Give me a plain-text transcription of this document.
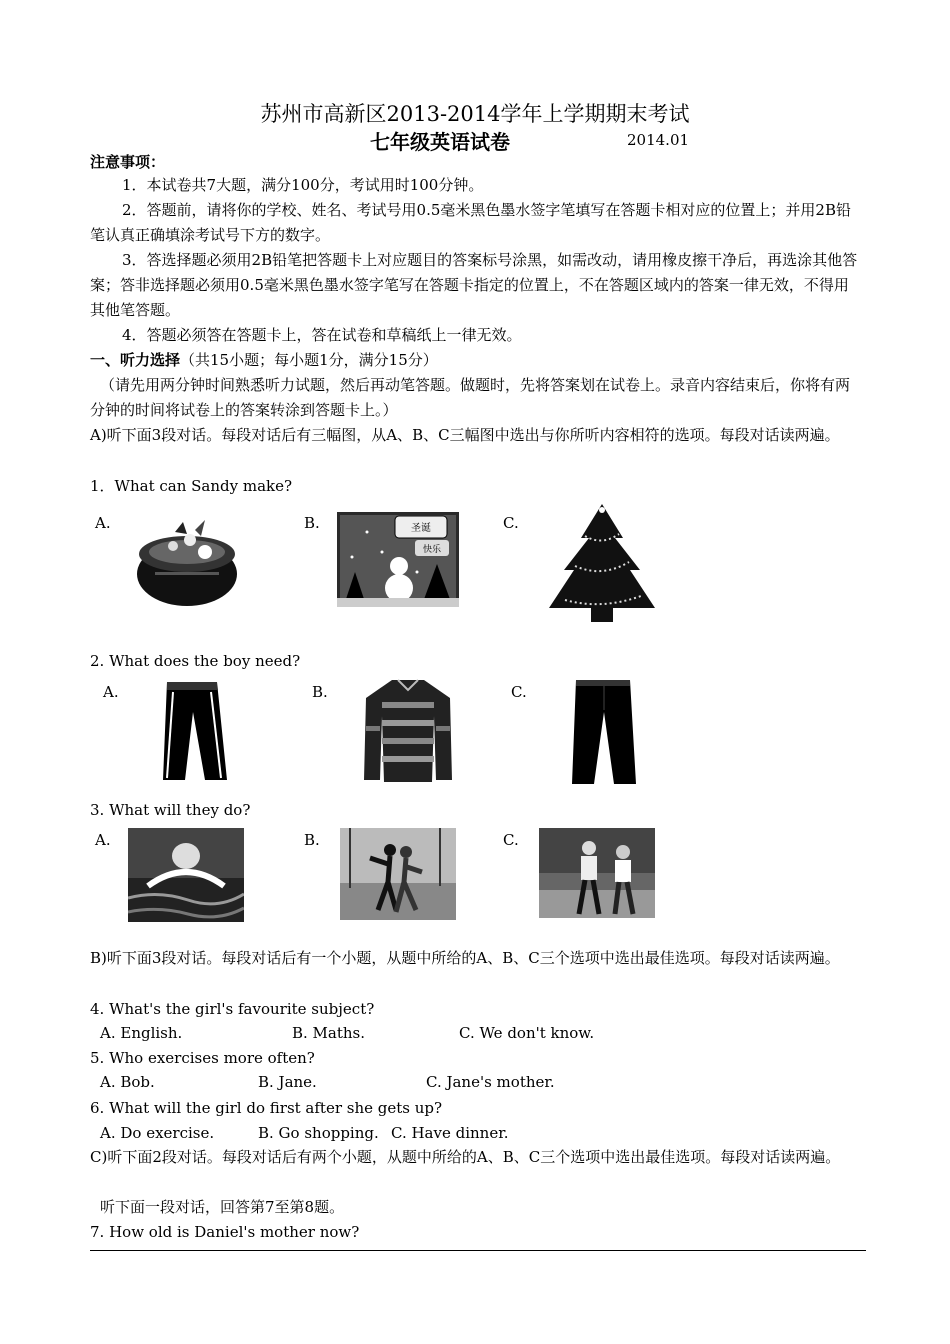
苏州市高新区2013-2014学年上学期期末考试
七年级英语试卷	2014.01
注意事项：
1．本试卷共7大题，满分100分，考试用时100分钟。
2．答题前，请将你的学校、姓名、考试号用0.5毫米黑色墨水签字笔填写在答题卡相对应的位置上；并用2B铅笔认真正确填涂考试号下方的数字。
3．答选择题必须用2B铅笔把答题卡上对应题目的答案标号涂黑，如需改动，请用橡皮擦干净后，再选涂其他答案；答非选择题必须用0.5毫米黑色墨水签字笔写在答题卡指定的位置上，不在答题区域内的答案一律无效，不得用其他笔答题。
4．答题必须答在答题卡上，答在试卷和草稿纸上一律无效。
一、听力选择（共15小题；每小题1分，满分15分）
（请先用两分钟时间熟悉听力试题，然后再动笔答题。做题时，先将答案划在试卷上。录音内容结束后，你将有两分钟的时间将试卷上的答案转涂到答题卡上。）
A)听下面3段对话。每段对话后有三幅图，从A、B、C三幅图中选出与你所听内容相符的选项。每段对话读两遍。
1．What can Sandy make?
A.	B.	C.
圣诞
快乐
2. What does the boy need?
A.	B.	C.
3. What will they do?
A.	B.	C.
B)听下面3段对话。每段对话后有一个小题，从题中所给的A、B、C三个选项中选出最佳选项。每段对话读两遍。
4. What's the girl's favourite subject?
A. English.	B. Maths.	C. We don't know.
5. Who exercises more often?
A. Bob.	B. Jane.	C. Jane's mother.
6. What will the girl do first after she gets up?
A. Do exercise.	B. Go shopping. C. Have dinner.
C)听下面2段对话。每段对话后有两个小题，从题中所给的A、B、C三个选项中选出最佳选项。每段对话读两遍。
听下面一段对话，回答第7至第8题。
7. How old is Daniel's mother now?
